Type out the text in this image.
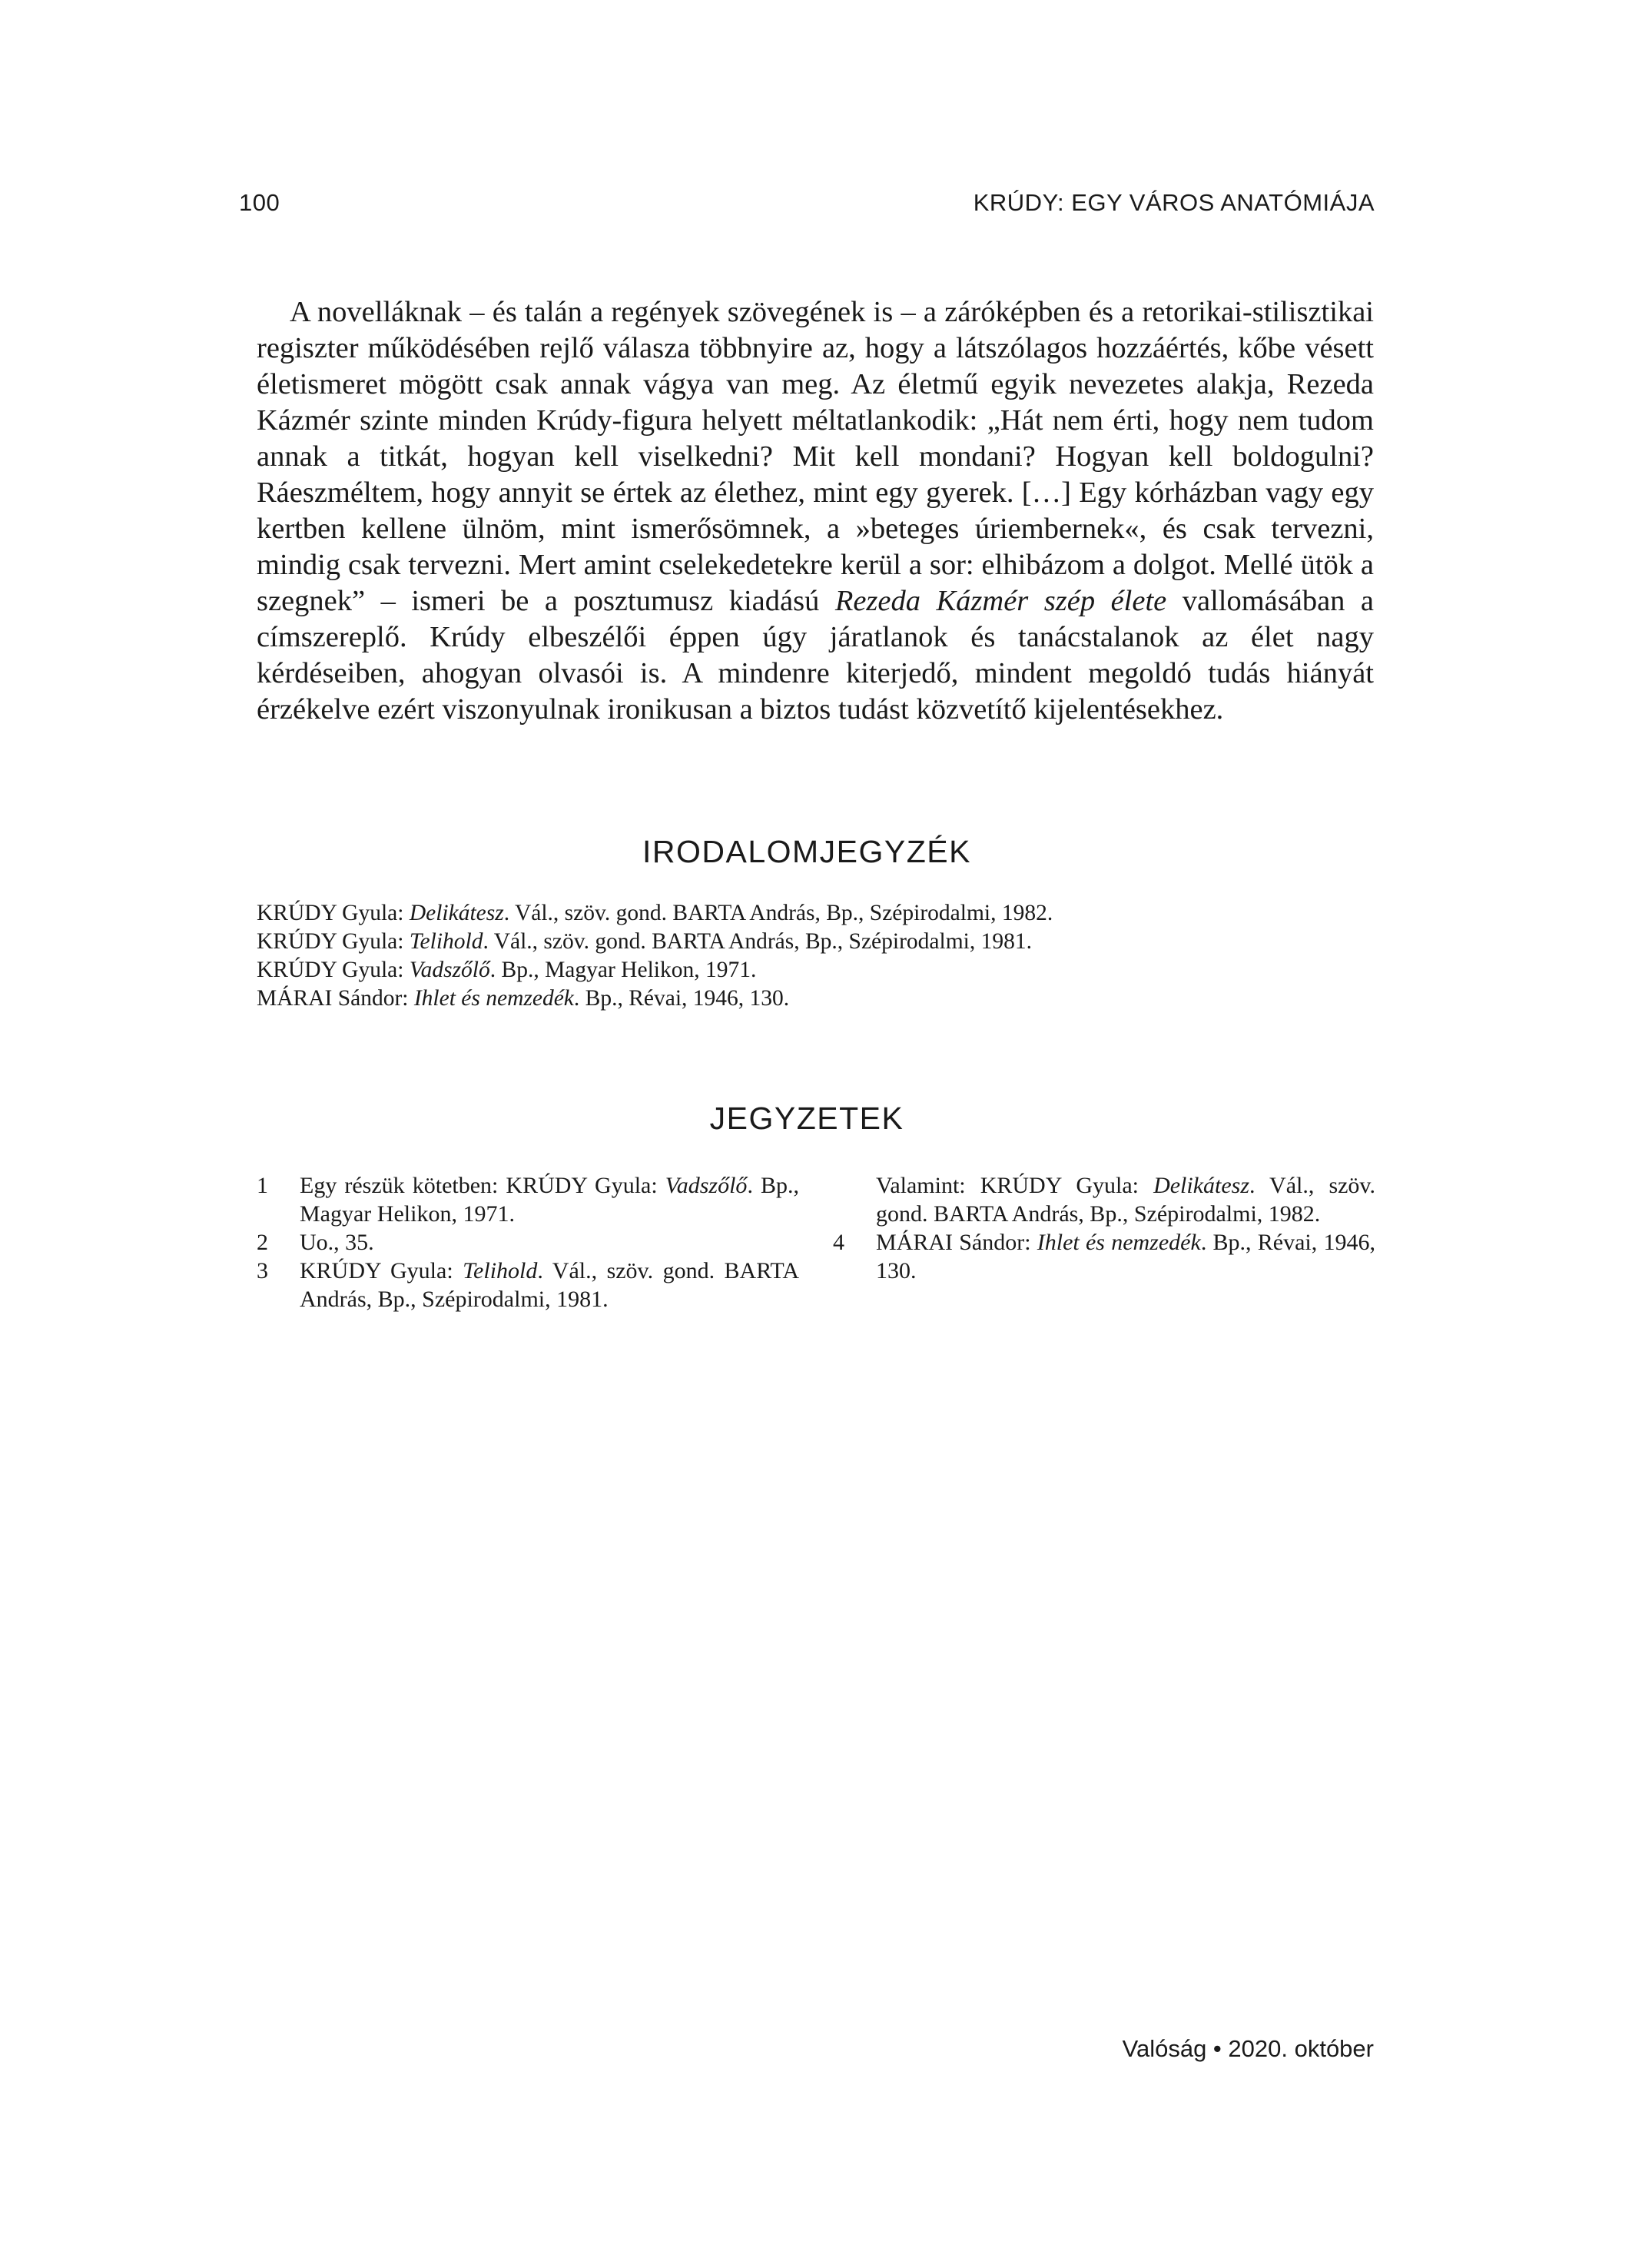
100	KRÚDY: EGY VÁROS ANATÓMIÁJA

A novelláknak – és talán a regények szövegének is – a záróképben és a retorikai-stilisztikai regiszter működésében rejlő válasza többnyire az, hogy a látszólagos hozzáértés, kőbe vésett életismeret mögött csak annak vágya van meg. Az életmű egyik nevezetes alakja, Rezeda Kázmér szinte minden Krúdy-figura helyett méltatlankodik: „Hát nem érti, hogy nem tudom annak a titkát, hogyan kell viselkedni? Mit kell mondani? Hogyan kell boldogulni? Ráeszméltem, hogy annyit se értek az élethez, mint egy gyerek. […] Egy kórházban vagy egy kertben kellene ülnöm, mint ismerősömnek, a »beteges úriembernek«, és csak tervezni, mindig csak tervezni. Mert amint cselekedetekre kerül a sor: elhibázom a dolgot. Mellé ütök a szegnek” – ismeri be a posztumusz kiadású Rezeda Kázmér szép élete vallomásában a címszereplő. Krúdy elbeszélői éppen úgy járatlanok és tanácstalanok az élet nagy kérdéseiben, ahogyan olvasói is. A mindenre kiterjedő, mindent megoldó tudás hiányát érzékelve ezért viszonyulnak ironikusan a biztos tudást közvetítő kijelentésekhez.

IRODALOMJEGYZÉK
KRÚDY Gyula: Delikátesz. Vál., szöv. gond. BARTA András, Bp., Szépirodalmi, 1982.
KRÚDY Gyula: Telihold. Vál., szöv. gond. BARTA András, Bp., Szépirodalmi, 1981.
KRÚDY Gyula: Vadszőlő. Bp., Magyar Helikon, 1971.
MÁRAI Sándor: Ihlet és nemzedék. Bp., Révai, 1946, 130.
JEGYZETEK
1 Egy részük kötetben: KRÚDY Gyula: Vadszőlő. Bp., Magyar Helikon, 1971.
2 Uo., 35.
3 KRÚDY Gyula: Telihold. Vál., szöv. gond. BARTA András, Bp., Szépirodalmi, 1981.
Valamint: KRÚDY Gyula: Delikátesz. Vál., szöv. gond. BARTA András, Bp., Szépirodalmi, 1982.
4 MÁRAI Sándor: Ihlet és nemzedék. Bp., Révai, 1946, 130.
Valóság • 2020. október
